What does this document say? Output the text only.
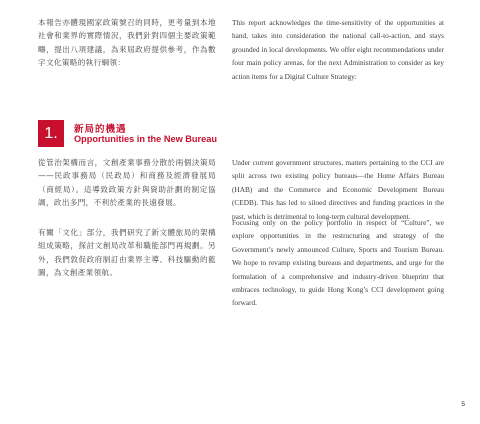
本報告亦體現國家政策號召的同時，更考量到本地社會和業界的實際情況，我們針對四個主要政策範疇，提出八項建議，為來屆政府提供參考，作為數字文化策略的執行綱領：

This report acknowledges the time-sensitivity of the opportunities at hand, takes into consideration the national call-to-action, and stays grounded in local developments. We offer eight recommendations under four main policy arenas, for the next Administration to consider as key action items for a Digital Culture Strategy:

1.	新局的機遇
Opportunities in the New Bureau

從管治架構而言，文創產業事務分散於兩個決策局——民政事務局（民政局）和商務及經濟發展局（商經局）。這導致政策方針與資助計劃的制定協調，政出多門，不利於產業的長遠發展。

Under current government structures, matters pertaining to the CCI are split across two existing policy bureaus—the Home Affairs Bureau (HAB) and the Commerce and Economic Development Bureau (CEDB). This has led to siloed directives and funding practices in the past, which is detrimental to long-term cultural development.

有關「文化」部分，我們研究了新文體旅局的架構組成策略，探討文創局改革和職能部門再規劃。另外，我們敦促政府制訂由業界主導、科技驅動的藍圖，為文創產業領航。

Focusing only on the policy portfolio in respect of “Culture”, we explore opportunities in the restructuring and strategy of the Government’s newly announced Culture, Sports and Tourism Bureau. We hope to revamp existing bureaus and departments, and urge for the formulation of a comprehensive and industry-driven blueprint that embraces technology, to guide Hong Kong’s CCI development going forward.

5
